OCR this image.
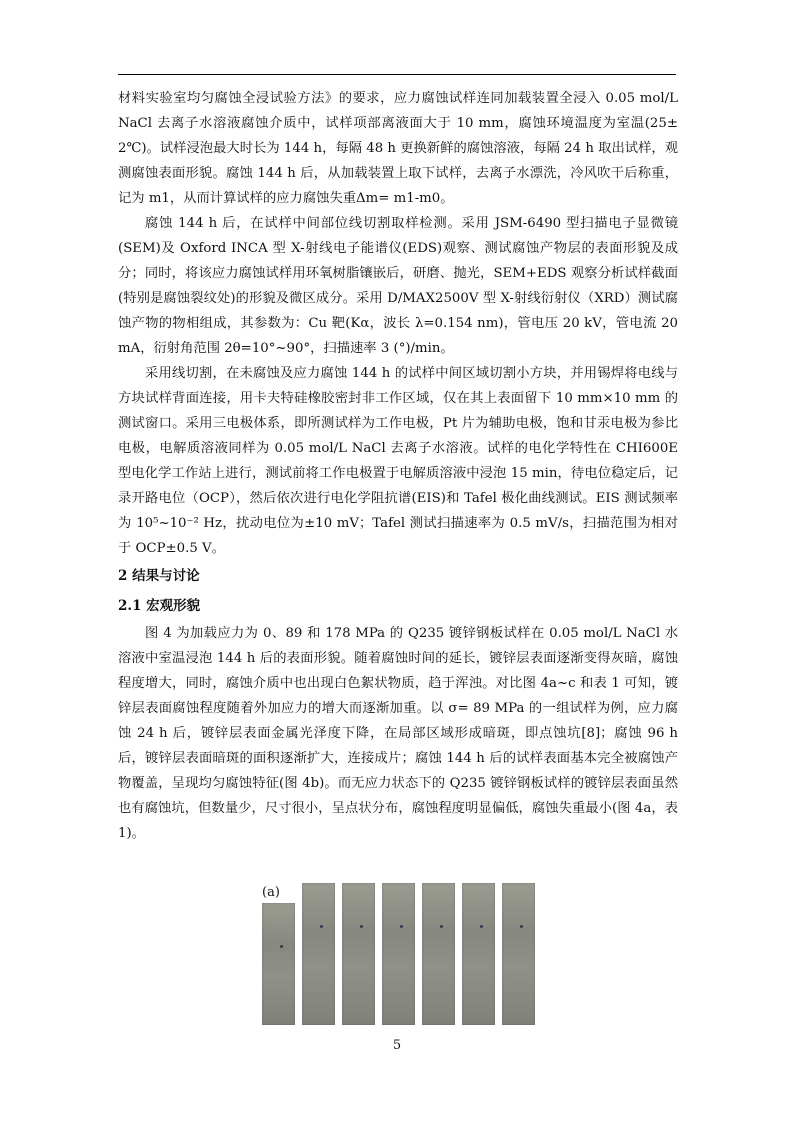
材料实验室均匀腐蚀全浸试验方法》的要求，应力腐蚀试样连同加载装置全浸入 0.05 mol/L NaCl 去离子水溶液腐蚀介质中，试样项部离液面大于 10 mm，腐蚀环境温度为室温(25± 2℃)。试样浸泡最大时长为 144 h，每隔 48 h 更换新鲜的腐蚀溶液，每隔 24 h 取出试样，观测腐蚀表面形貌。腐蚀 144 h 后，从加载装置上取下试样，去离子水漂洗，冷风吹干后称重，记为 m1，从而计算试样的应力腐蚀失重Δm= m1-m0。

腐蚀 144 h 后，在试样中间部位线切割取样检测。采用 JSM-6490 型扫描电子显微镜(SEM)及 Oxford INCA 型 X-射线电子能谱仪(EDS)观察、测试腐蚀产物层的表面形貌及成分；同时，将该应力腐蚀试样用环氧树脂镶嵌后，研磨、抛光，SEM+EDS 观察分析试样截面(特别是腐蚀裂纹处)的形貌及微区成分。采用 D/MAX2500V 型 X-射线衍射仪（XRD）测试腐蚀产物的物相组成，其参数为：Cu 靶(Kα，波长 λ=0.154 nm)，管电压 20 kV，管电流 20 mA，衍射角范围 2θ=10°~90°，扫描速率 3 (°)/min。

采用线切割，在未腐蚀及应力腐蚀 144 h 的试样中间区域切割小方块，并用锡焊将电线与方块试样背面连接，用卡夫特硅橡胶密封非工作区域，仅在其上表面留下 10 mm×10 mm 的测试窗口。采用三电极体系，即所测试样为工作电极，Pt 片为辅助电极，饱和甘汞电极为参比电极，电解质溶液同样为 0.05 mol/L NaCl 去离子水溶液。试样的电化学特性在 CHI600E 型电化学工作站上进行，测试前将工作电极置于电解质溶液中浸泡 15 min，待电位稳定后，记录开路电位（OCP），然后依次进行电化学阻抗谱(EIS)和 Tafel 极化曲线测试。EIS 测试频率为 10⁵~10⁻² Hz，扰动电位为±10 mV；Tafel 测试扫描速率为 0.5 mV/s，扫描范围为相对于 OCP±0.5 V。

2 结果与讨论
2.1 宏观形貌

图 4 为加载应力为 0、89 和 178 MPa 的 Q235 镀锌钢板试样在 0.05 mol/L NaCl 水溶液中室温浸泡 144 h 后的表面形貌。随着腐蚀时间的延长，镀锌层表面逐渐变得灰暗，腐蚀程度增大，同时，腐蚀介质中也出现白色絮状物质，趋于浑浊。对比图 4a~c 和表 1 可知，镀锌层表面腐蚀程度随着外加应力的增大而逐渐加重。以 σ= 89 MPa 的一组试样为例，应力腐蚀 24 h 后，镀锌层表面金属光泽度下降，在局部区域形成暗斑，即点蚀坑[8]；腐蚀 96 h 后，镀锌层表面暗斑的面积逐渐扩大，连接成片；腐蚀 144 h 后的试样表面基本完全被腐蚀产物覆盖，呈现均匀腐蚀特征(图 4b)。而无应力状态下的 Q235 镀锌钢板试样的镀锌层表面虽然也有腐蚀坑，但数量少，尺寸很小，呈点状分布，腐蚀程度明显偏低，腐蚀失重最小(图 4a，表 1)。

(a)
5
